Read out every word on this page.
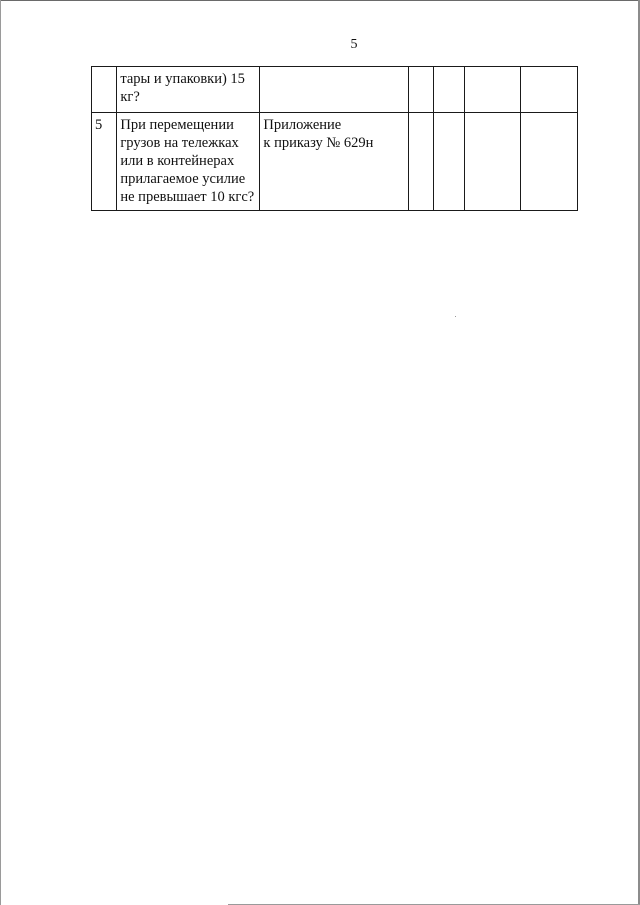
5

	тары и упаковки) 15
кг?					

5	При перемещении
грузов на тележках
или в контейнерах
прилагаемое усилие
не превышает 10 кгс?	Приложение
к приказу № 629н				
